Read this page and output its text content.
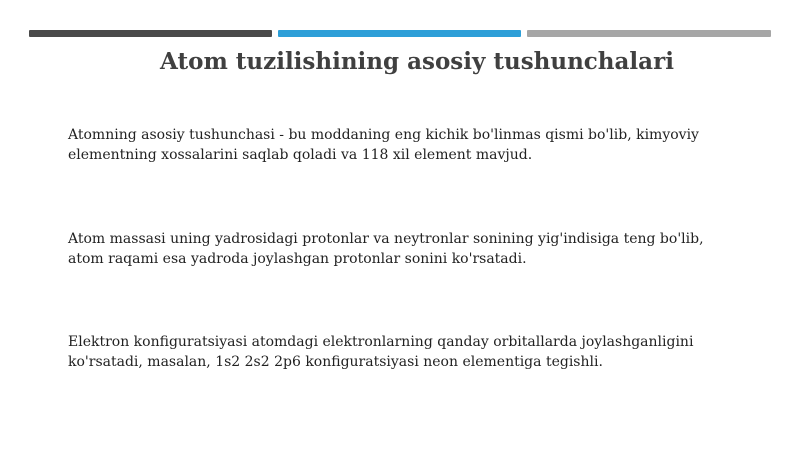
Atom tuzilishining asosiy tushunchalari
Atomning asosiy tushunchasi - bu moddaning eng kichik bo'linmas qismi bo'lib, kimyoviy
elementning xossalarini saqlab qoladi va 118 xil element mavjud.
Atom massasi uning yadrosidagi protonlar va neytronlar sonining yig'indisiga teng bo'lib,
atom raqami esa yadroda joylashgan protonlar sonini ko'rsatadi.
Elektron konfiguratsiyasi atomdagi elektronlarning qanday orbitallarda joylashganligini
ko'rsatadi, masalan, 1s2 2s2 2p6 konfiguratsiyasi neon elementiga tegishli.
